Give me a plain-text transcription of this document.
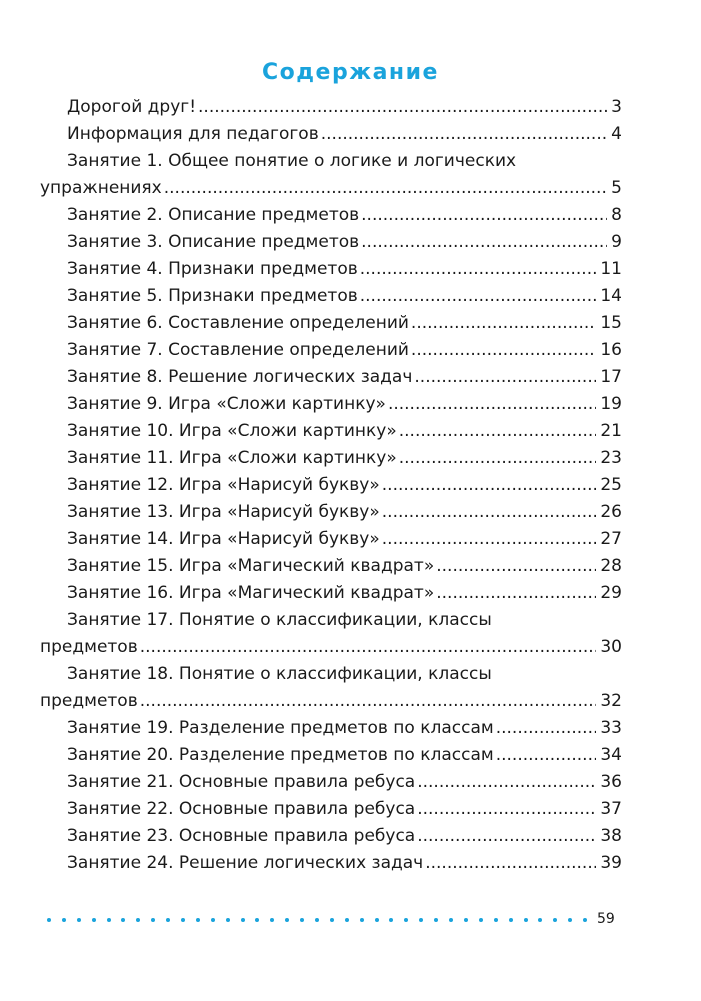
Содержание
Дорогой друг! .....	3
Информация для педагогов .....	4
Занятие 1. Общее понятие о логике и логических
упражнениях .....	5
Занятие 2. Описание предметов .....	8
Занятие 3. Описание предметов .....	9
Занятие 4. Признаки предметов .....	11
Занятие 5. Признаки предметов .....	14
Занятие 6. Составление определений .....	15
Занятие 7. Составление определений .....	16
Занятие 8. Решение логических задач .....	17
Занятие 9. Игра «Сложи картинку» .....	19
Занятие 10. Игра «Сложи картинку» .....	21
Занятие 11. Игра «Сложи картинку» .....	23
Занятие 12. Игра «Нарисуй букву» .....	25
Занятие 13. Игра «Нарисуй букву» .....	26
Занятие 14. Игра «Нарисуй букву» .....	27
Занятие 15. Игра «Магический квадрат» .....	28
Занятие 16. Игра «Магический квадрат» .....	29
Занятие 17. Понятие о классификации, классы
предметов .....	30
Занятие 18. Понятие о классификации, классы
предметов .....	32
Занятие 19. Разделение предметов по классам .....	33
Занятие 20. Разделение предметов по классам .....	34
Занятие 21. Основные правила ребуса .....	36
Занятие 22. Основные правила ребуса .....	37
Занятие 23. Основные правила ребуса .....	38
Занятие 24. Решение логических задач .....	39
59
